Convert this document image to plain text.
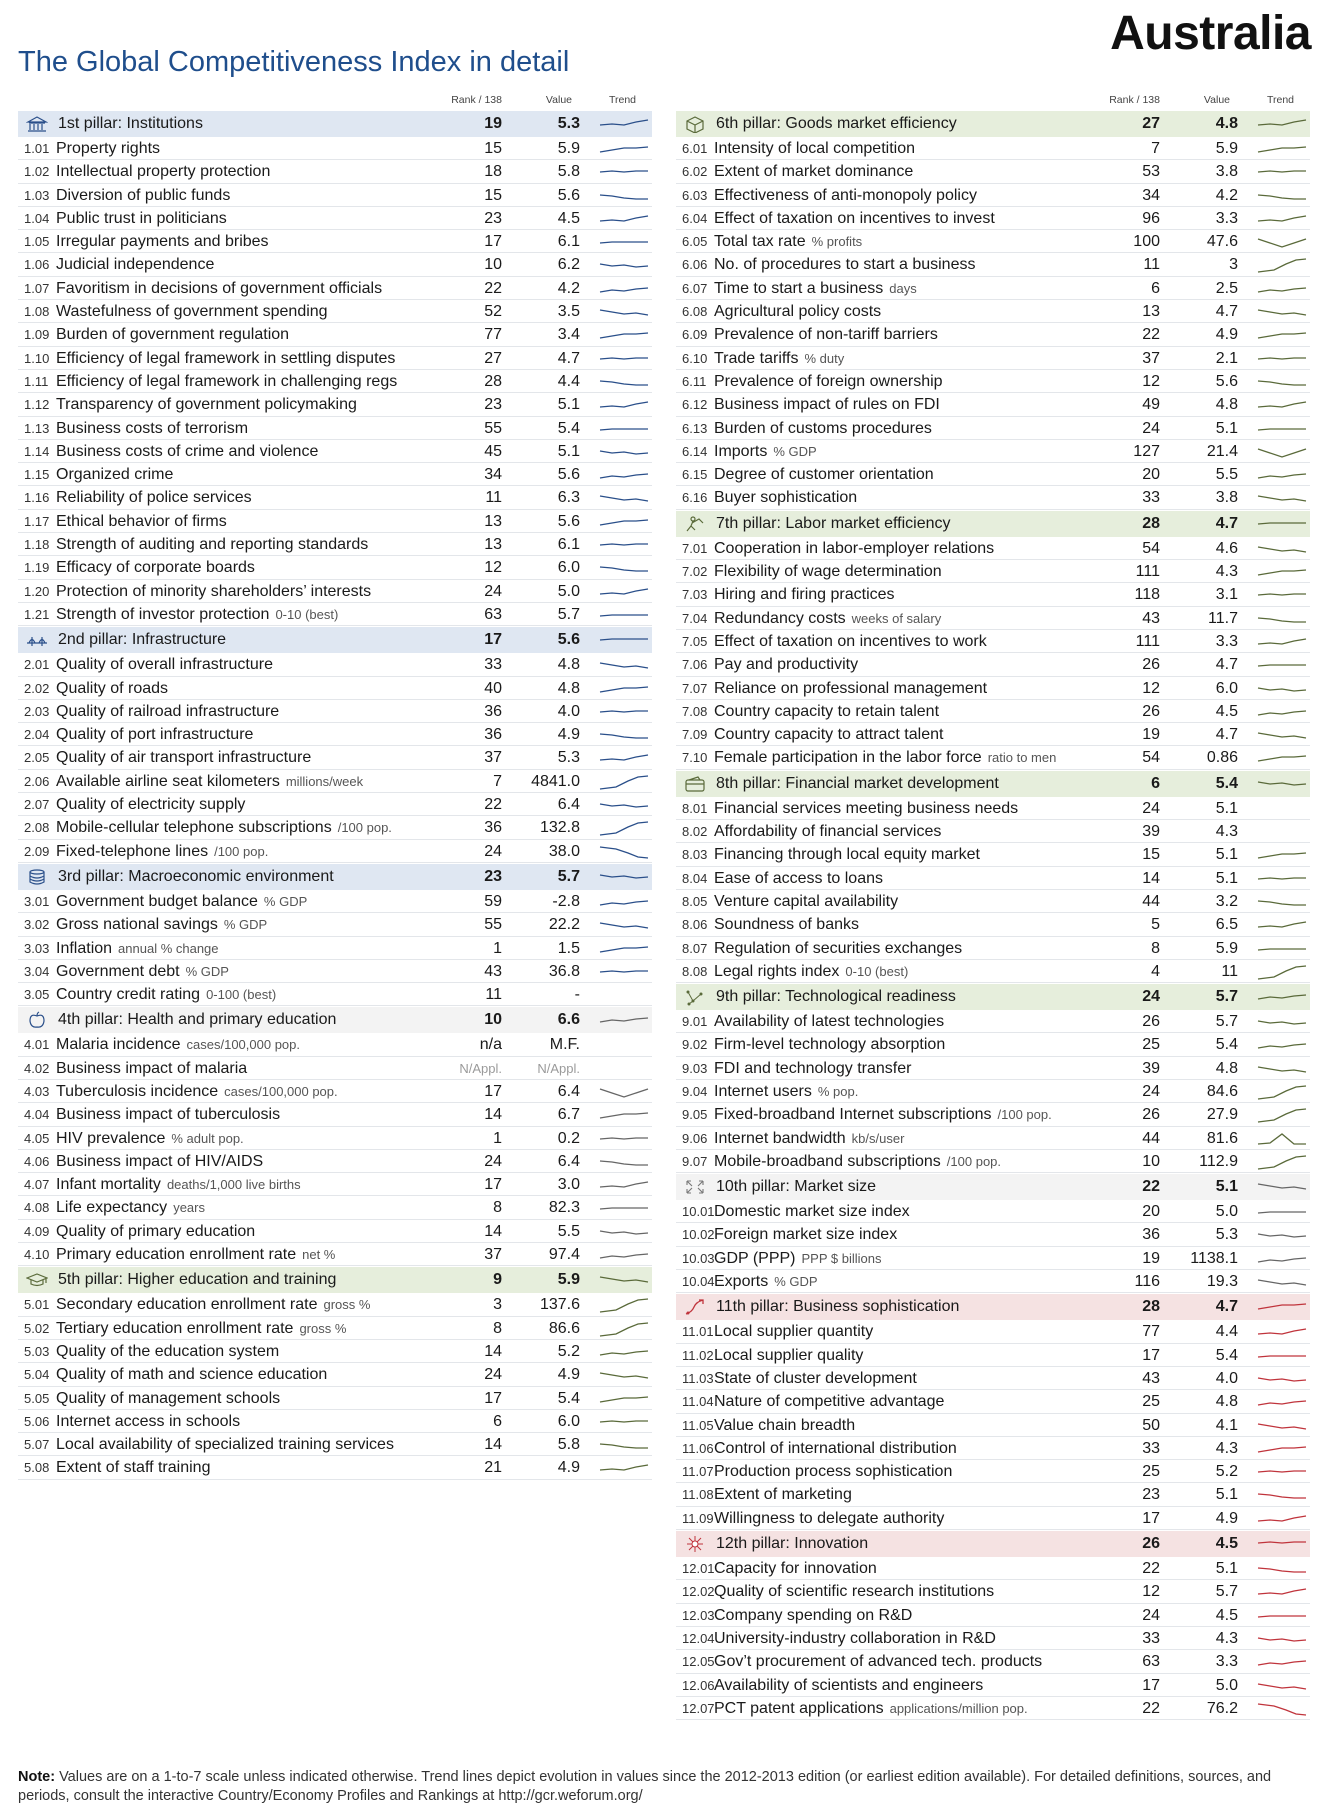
The Global Competitiveness Index in detail
Australia
Rank / 138	Value	Trend
1st pillar: Institutions	19	5.3
1.01 Property rights	15	5.9
1.02 Intellectual property protection	18	5.8
1.03 Diversion of public funds	15	5.6
1.04 Public trust in politicians	23	4.5
1.05 Irregular payments and bribes	17	6.1
1.06 Judicial independence	10	6.2
1.07 Favoritism in decisions of government officials	22	4.2
1.08 Wastefulness of government spending	52	3.5
1.09 Burden of government regulation	77	3.4
1.10 Efficiency of legal framework in settling disputes	27	4.7
1.11 Efficiency of legal framework in challenging regs	28	4.4
1.12 Transparency of government policymaking	23	5.1
1.13 Business costs of terrorism	55	5.4
1.14 Business costs of crime and violence	45	5.1
1.15 Organized crime	34	5.6
1.16 Reliability of police services	11	6.3
1.17 Ethical behavior of firms	13	5.6
1.18 Strength of auditing and reporting standards	13	6.1
1.19 Efficacy of corporate boards	12	6.0
1.20 Protection of minority shareholders’ interests	24	5.0
1.21 Strength of investor protection 0-10 (best)	63	5.7
2nd pillar: Infrastructure	17	5.6
2.01 Quality of overall infrastructure	33	4.8
2.02 Quality of roads	40	4.8
2.03 Quality of railroad infrastructure	36	4.0
2.04 Quality of port infrastructure	36	4.9
2.05 Quality of air transport infrastructure	37	5.3
2.06 Available airline seat kilometers millions/week	7	4841.0
2.07 Quality of electricity supply	22	6.4
2.08 Mobile-cellular telephone subscriptions /100 pop.	36	132.8
2.09 Fixed-telephone lines /100 pop.	24	38.0
3rd pillar: Macroeconomic environment	23	5.7
3.01 Government budget balance % GDP	59	-2.8
3.02 Gross national savings % GDP	55	22.2
3.03 Inflation annual % change	1	1.5
3.04 Government debt % GDP	43	36.8
3.05 Country credit rating 0-100 (best)	11	-
4th pillar: Health and primary education	10	6.6
4.01 Malaria incidence cases/100,000 pop.	n/a	M.F.
4.02 Business impact of malaria	N/Appl.	N/Appl.
4.03 Tuberculosis incidence cases/100,000 pop.	17	6.4
4.04 Business impact of tuberculosis	14	6.7
4.05 HIV prevalence % adult pop.	1	0.2
4.06 Business impact of HIV/AIDS	24	6.4
4.07 Infant mortality deaths/1,000 live births	17	3.0
4.08 Life expectancy years	8	82.3
4.09 Quality of primary education	14	5.5
4.10 Primary education enrollment rate net %	37	97.4
5th pillar: Higher education and training	9	5.9
5.01 Secondary education enrollment rate gross %	3	137.6
5.02 Tertiary education enrollment rate gross %	8	86.6
5.03 Quality of the education system	14	5.2
5.04 Quality of math and science education	24	4.9
5.05 Quality of management schools	17	5.4
5.06 Internet access in schools	6	6.0
5.07 Local availability of specialized training services	14	5.8
5.08 Extent of staff training	21	4.9
Rank / 138	Value	Trend
6th pillar: Goods market efficiency	27	4.8
6.01 Intensity of local competition	7	5.9
6.02 Extent of market dominance	53	3.8
6.03 Effectiveness of anti-monopoly policy	34	4.2
6.04 Effect of taxation on incentives to invest	96	3.3
6.05 Total tax rate % profits	100	47.6
6.06 No. of procedures to start a business	11	3
6.07 Time to start a business days	6	2.5
6.08 Agricultural policy costs	13	4.7
6.09 Prevalence of non-tariff barriers	22	4.9
6.10 Trade tariffs % duty	37	2.1
6.11 Prevalence of foreign ownership	12	5.6
6.12 Business impact of rules on FDI	49	4.8
6.13 Burden of customs procedures	24	5.1
6.14 Imports % GDP	127	21.4
6.15 Degree of customer orientation	20	5.5
6.16 Buyer sophistication	33	3.8
7th pillar: Labor market efficiency	28	4.7
7.01 Cooperation in labor-employer relations	54	4.6
7.02 Flexibility of wage determination	111	4.3
7.03 Hiring and firing practices	118	3.1
7.04 Redundancy costs weeks of salary	43	11.7
7.05 Effect of taxation on incentives to work	111	3.3
7.06 Pay and productivity	26	4.7
7.07 Reliance on professional management	12	6.0
7.08 Country capacity to retain talent	26	4.5
7.09 Country capacity to attract talent	19	4.7
7.10 Female participation in the labor force ratio to men	54	0.86
8th pillar: Financial market development	6	5.4
8.01 Financial services meeting business needs	24	5.1
8.02 Affordability of financial services	39	4.3
8.03 Financing through local equity market	15	5.1
8.04 Ease of access to loans	14	5.1
8.05 Venture capital availability	44	3.2
8.06 Soundness of banks	5	6.5
8.07 Regulation of securities exchanges	8	5.9
8.08 Legal rights index 0-10 (best)	4	11
9th pillar: Technological readiness	24	5.7
9.01 Availability of latest technologies	26	5.7
9.02 Firm-level technology absorption	25	5.4
9.03 FDI and technology transfer	39	4.8
9.04 Internet users % pop.	24	84.6
9.05 Fixed-broadband Internet subscriptions /100 pop.	26	27.9
9.06 Internet bandwidth kb/s/user	44	81.6
9.07 Mobile-broadband subscriptions /100 pop.	10	112.9
10th pillar: Market size	22	5.1
10.01 Domestic market size index	20	5.0
10.02 Foreign market size index	36	5.3
10.03 GDP (PPP) PPP $ billions	19	1138.1
10.04 Exports % GDP	116	19.3
11th pillar: Business sophistication	28	4.7
11.01 Local supplier quantity	77	4.4
11.02 Local supplier quality	17	5.4
11.03 State of cluster development	43	4.0
11.04 Nature of competitive advantage	25	4.8
11.05 Value chain breadth	50	4.1
11.06 Control of international distribution	33	4.3
11.07 Production process sophistication	25	5.2
11.08 Extent of marketing	23	5.1
11.09 Willingness to delegate authority	17	4.9
12th pillar: Innovation	26	4.5
12.01 Capacity for innovation	22	5.1
12.02 Quality of scientific research institutions	12	5.7
12.03 Company spending on R&D	24	4.5
12.04 University-industry collaboration in R&D	33	4.3
12.05 Gov’t procurement of advanced tech. products	63	3.3
12.06 Availability of scientists and engineers	17	5.0
12.07 PCT patent applications applications/million pop.	22	76.2
Note: Values are on a 1-to-7 scale unless indicated otherwise. Trend lines depict evolution in values since the 2012-2013 edition (or earliest edition available). For detailed definitions, sources, and periods, consult the interactive Country/Economy Profiles and Rankings at http://gcr.weforum.org/
